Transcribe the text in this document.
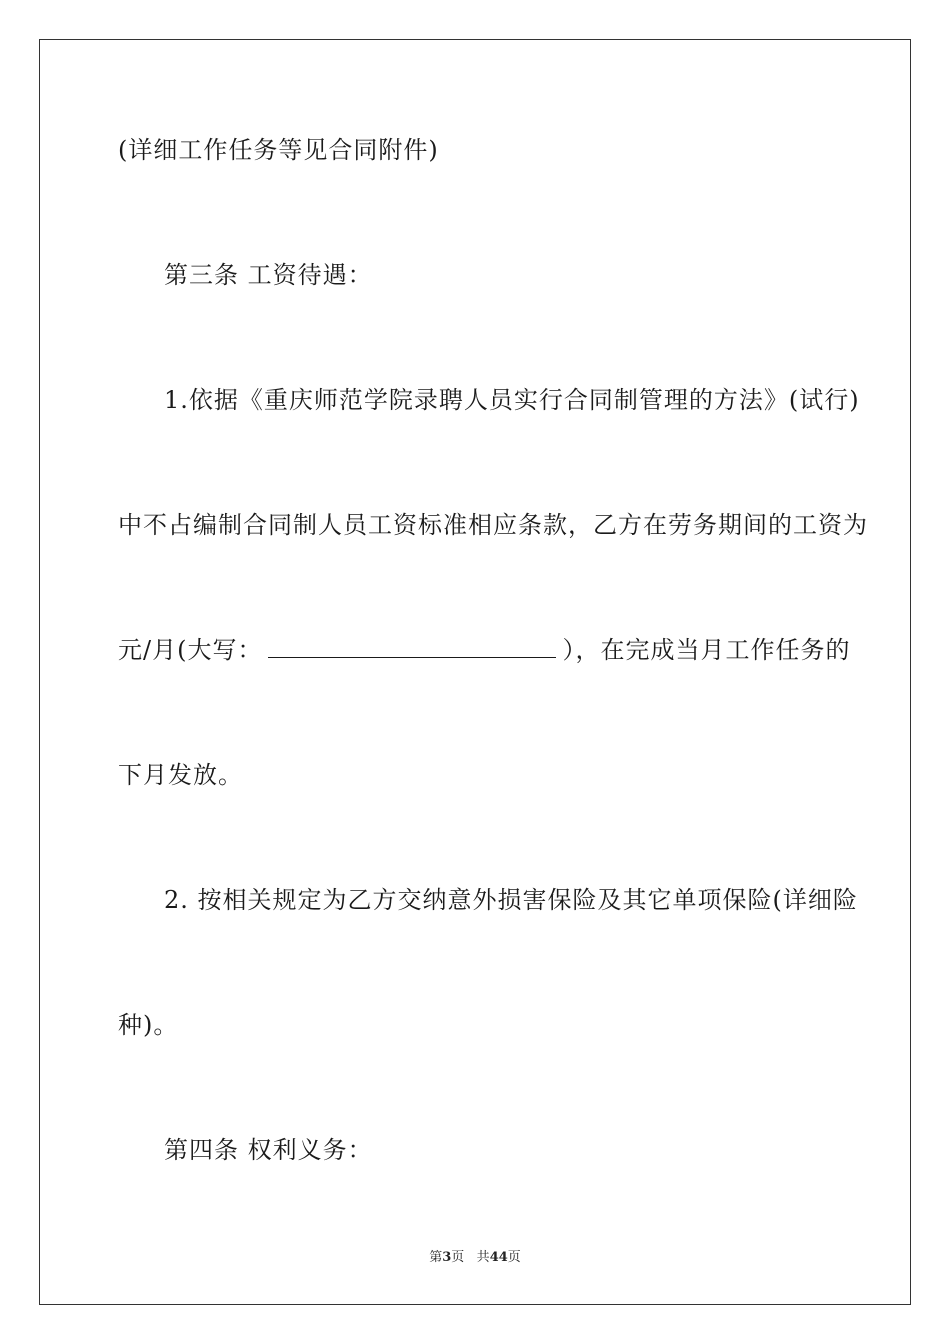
(详细工作任务等见合同附件)
第三条 工资待遇：
1.依据《重庆师范学院录聘人员实行合同制管理的方法》(试行)
中不占编制合同制人员工资标准相应条款，乙方在劳务期间的工资为
元/月(大写：	），在完成当月工作任务的
下月发放。
2. 按相关规定为乙方交纳意外损害保险及其它单项保险(详细险
种)。
第四条 权利义务：
第3页 共44页
